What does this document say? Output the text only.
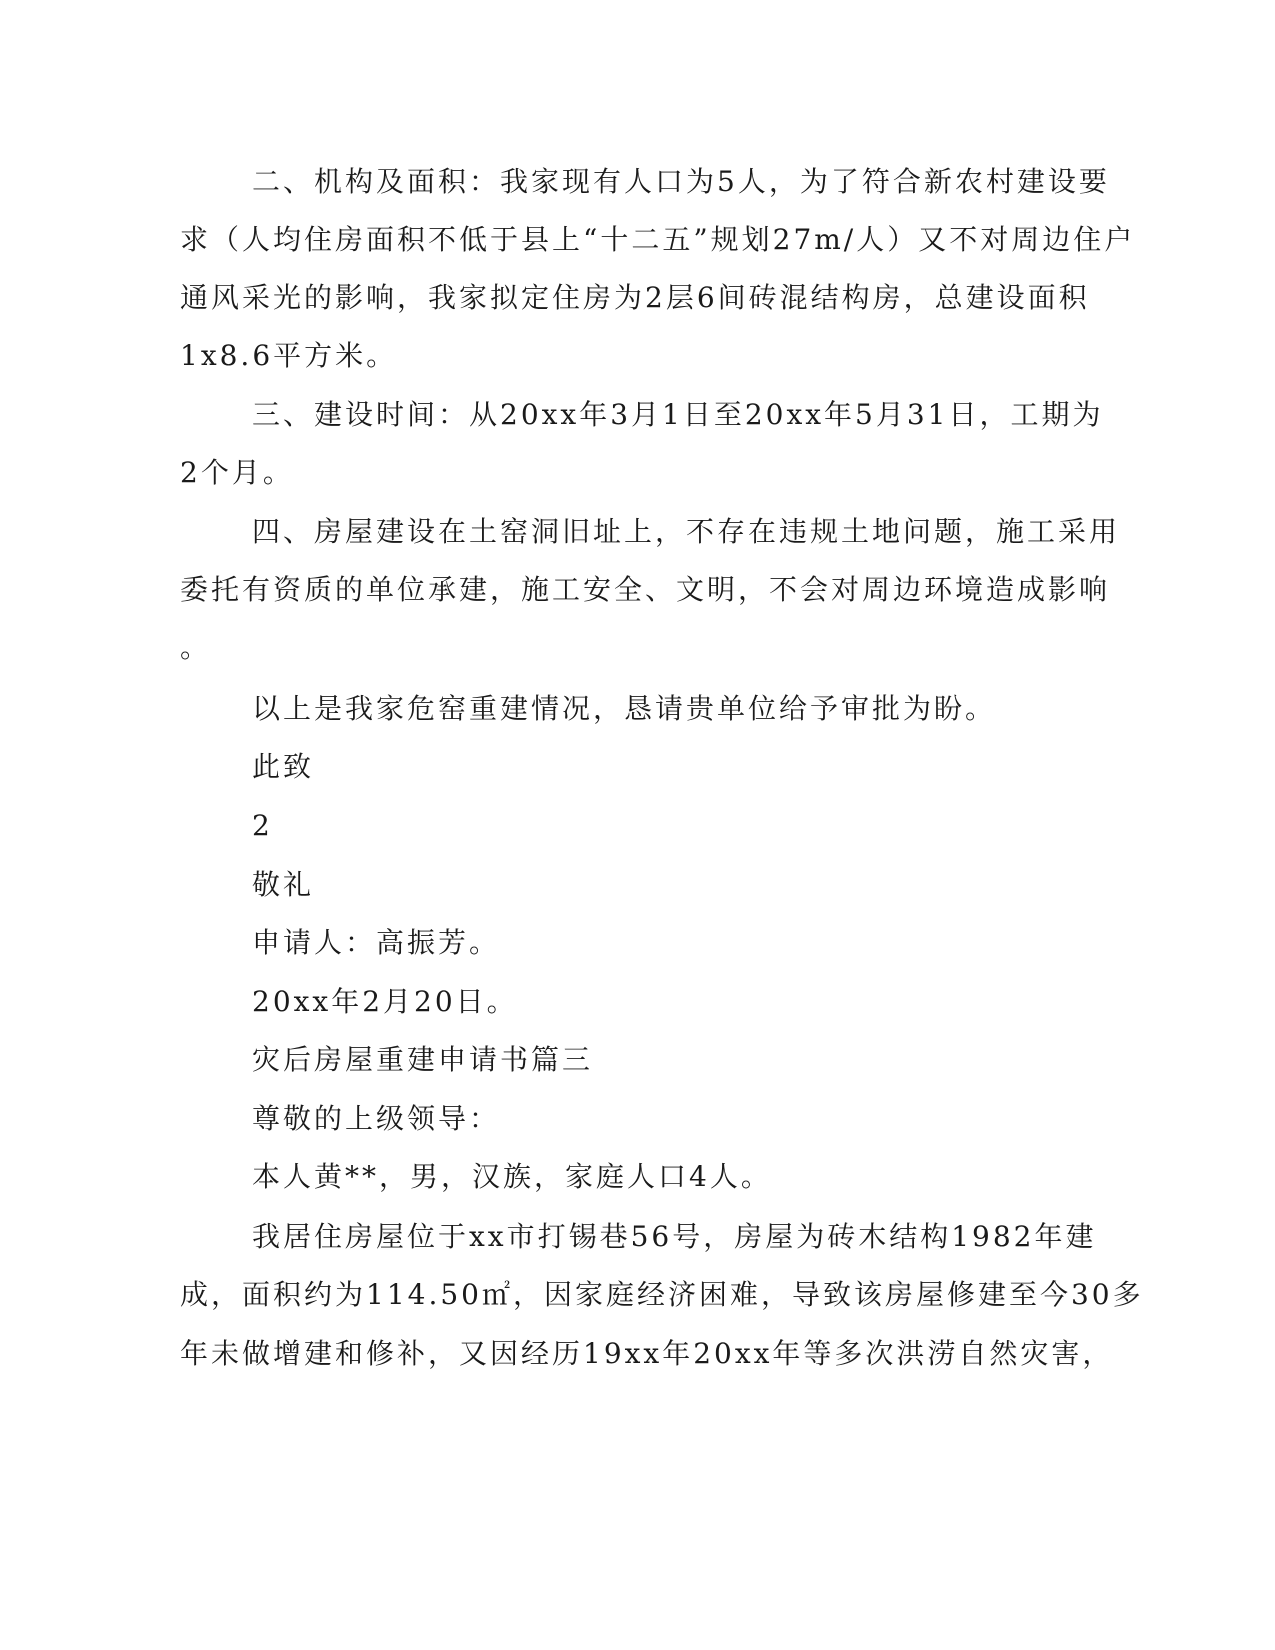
二、机构及面积：我家现有人口为5人，为了符合新农村建设要
求（人均住房面积不低于县上“十二五”规划27m/人）又不对周边住户
通风采光的影响，我家拟定住房为2层6间砖混结构房，总建设面积
1x8.6平方米。
三、建设时间：从20xx年3月1日至20xx年5月31日，工期为
2个月。
四、房屋建设在土窑洞旧址上，不存在违规土地问题，施工采用
委托有资质的单位承建，施工安全、文明，不会对周边环境造成影响
。
以上是我家危窑重建情况，恳请贵单位给予审批为盼。
此致
2
敬礼
申请人：高振芳。
20xx年2月20日。
灾后房屋重建申请书篇三
尊敬的上级领导：
本人黄**，男，汉族，家庭人口4人。
我居住房屋位于xx市打锡巷56号，房屋为砖木结构1982年建
成，面积约为114.50㎡，因家庭经济困难，导致该房屋修建至今30多
年未做增建和修补，又因经历19xx年20xx年等多次洪涝自然灾害，
